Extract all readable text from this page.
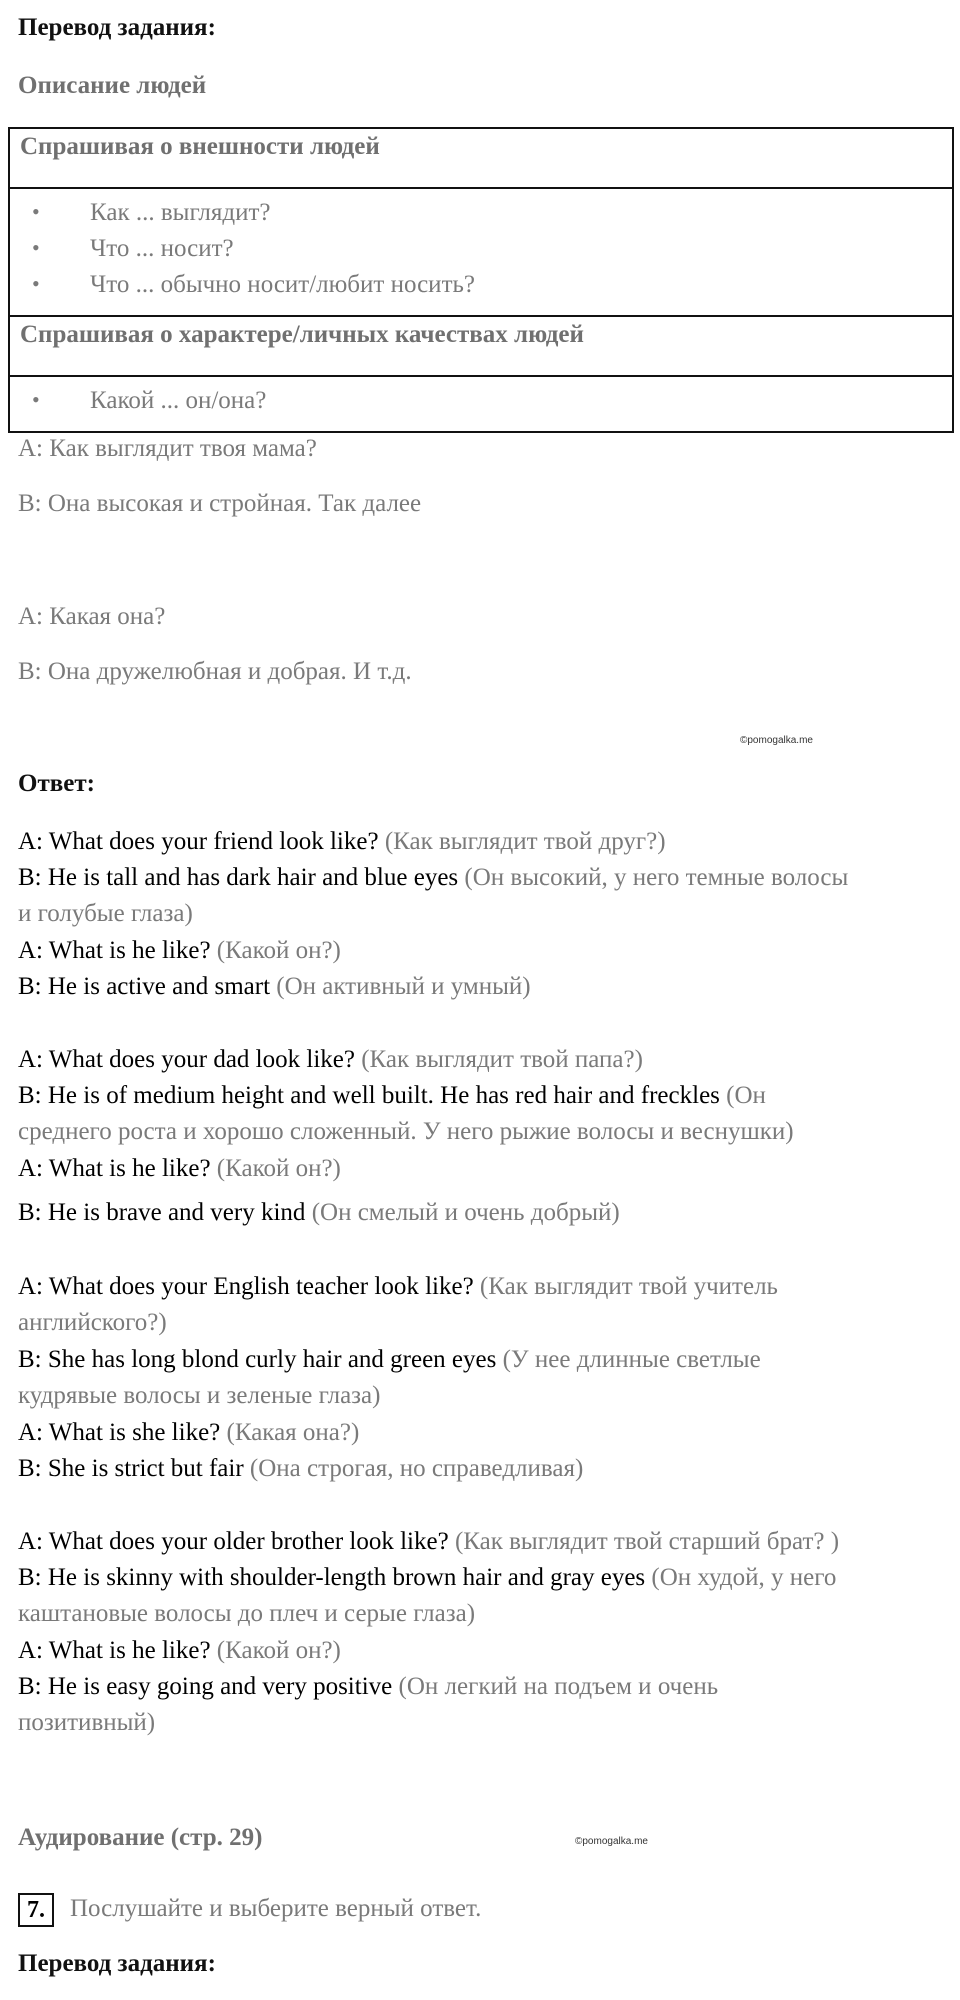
Перевод задания:
Описание людей
Спрашивая о внешности людей
• Как ... выглядит?
• Что ... носит?
• Что ... обычно носит/любит носить?
Спрашивая о характере/личных качествах людей
• Какой ... он/она?
A: Как выглядит твоя мама?
B: Она высокая и стройная. Так далее
A: Какая она?
B: Она дружелюбная и добрая. И т.д.
©pomogalka.me
Ответ:
A: What does your friend look like? (Как выглядит твой друг?)
B: He is tall and has dark hair and blue eyes (Он высокий, у него темные волосы
и голубые глаза)
A: What is he like? (Какой он?)
B: He is active and smart (Он активный и умный)
A: What does your dad look like? (Как выглядит твой папа?)
B: He is of medium height and well built. He has red hair and freckles (Он
среднего роста и хорошо сложенный. У него рыжие волосы и веснушки)
A: What is he like? (Какой он?)
B: He is brave and very kind (Он смелый и очень добрый)
A: What does your English teacher look like? (Как выглядит твой учитель
английского?)
B: She has long blond curly hair and green eyes (У нее длинные светлые
кудрявые волосы и зеленые глаза)
A: What is she like? (Какая она?)
B: She is strict but fair (Она строгая, но справедливая)
A: What does your older brother look like? (Как выглядит твой старший брат? )
B: He is skinny with shoulder-length brown hair and gray eyes (Он худой, у него
каштановые волосы до плеч и серые глаза)
A: What is he like? (Какой он?)
B: He is easy going and very positive (Он легкий на подъем и очень
позитивный)
Аудирование (стр. 29)	©pomogalka.me
7.	Послушайте и выберите верный ответ.
Перевод задания:
